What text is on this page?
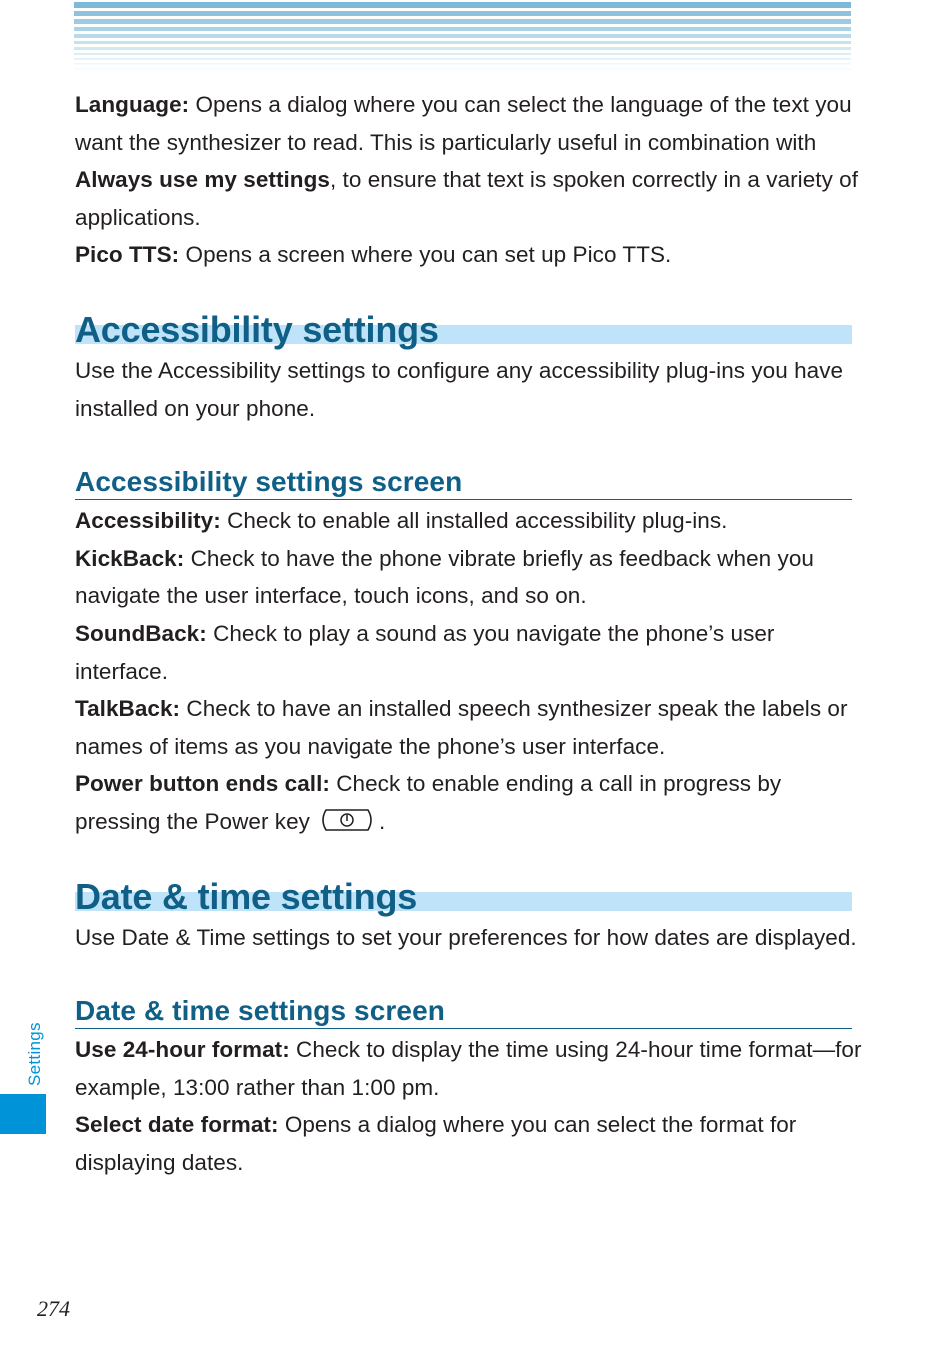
Language: Opens a dialog where you can select the language of the text you want the synthesizer to read. This is particularly useful in combination with Always use my settings, to ensure that text is spoken correctly in a variety of applications.

Pico TTS: Opens a screen where you can set up Pico TTS.

Accessibility settings

Use the Accessibility settings to configure any accessibility plug-ins you have installed on your phone.

Accessibility settings screen

Accessibility: Check to enable all installed accessibility plug-ins.

KickBack: Check to have the phone vibrate briefly as feedback when you navigate the user interface, touch icons, and so on.

SoundBack: Check to play a sound as you navigate the phone’s user interface.

TalkBack: Check to have an installed speech synthesizer speak the labels or names of items as you navigate the phone’s user interface.

Power button ends call: Check to enable ending a call in progress by pressing the Power key	.

Date & time settings

Use Date & Time settings to set your preferences for how dates are displayed.

Date & time settings screen

Use 24-hour format: Check to display the time using 24-hour time format—for example, 13:00 rather than 1:00 pm.

Select date format: Opens a dialog where you can select the format for displaying dates.

Settings
274
